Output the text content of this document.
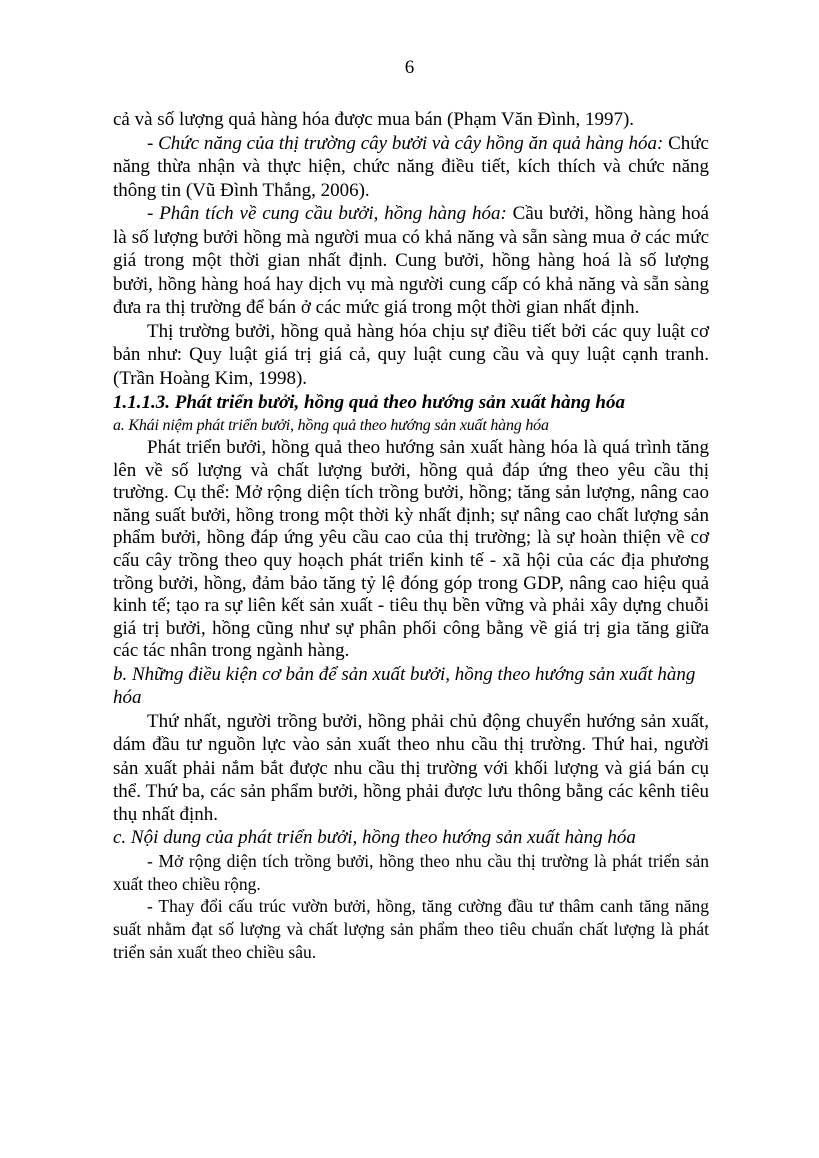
6

cả và số lượng quả hàng hóa được mua bán (Phạm Văn Đình, 1997).

- Chức năng của thị trường cây bưởi và cây hồng ăn quả hàng hóa: Chức năng thừa nhận và thực hiện, chức năng điều tiết, kích thích và chức năng thông tin (Vũ Đình Thắng, 2006).

- Phân tích về cung cầu bưởi, hồng hàng hóa: Cầu bưởi, hồng hàng hoá là số lượng bưởi hồng mà người mua có khả năng và sẵn sàng mua ở các mức giá trong một thời gian nhất định. Cung bưởi, hồng hàng hoá là số lượng bưởi, hồng hàng hoá hay dịch vụ mà người cung cấp có khả năng và sẵn sàng đưa ra thị trường để bán ở các mức giá trong một thời gian nhất định.

Thị trường bưởi, hồng quả hàng hóa chịu sự điều tiết bởi các quy luật cơ bản như: Quy luật giá trị giá cả, quy luật cung cầu và quy luật cạnh tranh. (Trần Hoàng Kim, 1998).

1.1.1.3. Phát triển bưởi, hồng quả theo hướng sản xuất hàng hóa

a. Khái niệm phát triển bưởi, hồng quả theo hướng sản xuất hàng hóa

Phát triển bưởi, hồng quả theo hướng sản xuất hàng hóa là quá trình tăng lên về số lượng và chất lượng bưởi, hồng quả đáp ứng theo yêu cầu thị trường. Cụ thể: Mở rộng diện tích trồng bưởi, hồng; tăng sản lượng, nâng cao năng suất bưởi, hồng trong một thời kỳ nhất định; sự nâng cao chất lượng sản phẩm bưởi, hồng đáp ứng yêu cầu cao của thị trường; là sự hoàn thiện về cơ cấu cây trồng theo quy hoạch phát triển kinh tế - xã hội của các địa phương trồng bưởi, hồng, đảm bảo tăng tỷ lệ đóng góp trong GDP, nâng cao hiệu quả kinh tế; tạo ra sự liên kết sản xuất - tiêu thụ bền vững và phải xây dựng chuỗi giá trị bưởi, hồng cũng như sự phân phối công bằng về giá trị gia tăng giữa các tác nhân trong ngành hàng.

b. Những điều kiện cơ bản để sản xuất bưởi, hồng theo hướng sản xuất hàng hóa

Thứ nhất, người trồng bưởi, hồng phải chủ động chuyển hướng sản xuất, dám đầu tư nguồn lực vào sản xuất theo nhu cầu thị trường. Thứ hai, người sản xuất phải nắm bắt được nhu cầu thị trường với khối lượng và giá bán cụ thể. Thứ ba, các sản phẩm bưởi, hồng phải được lưu thông bằng các kênh tiêu thụ nhất định.

c. Nội dung của phát triển bưởi, hồng theo hướng sản xuất hàng hóa

- Mở rộng diện tích trồng bưởi, hồng theo nhu cầu thị trường là phát triển sản xuất theo chiều rộng.

- Thay đổi cấu trúc vườn bưởi, hồng, tăng cường đầu tư thâm canh tăng năng suất nhằm đạt số lượng và chất lượng sản phẩm theo tiêu chuẩn chất lượng là phát triển sản xuất theo chiều sâu.
